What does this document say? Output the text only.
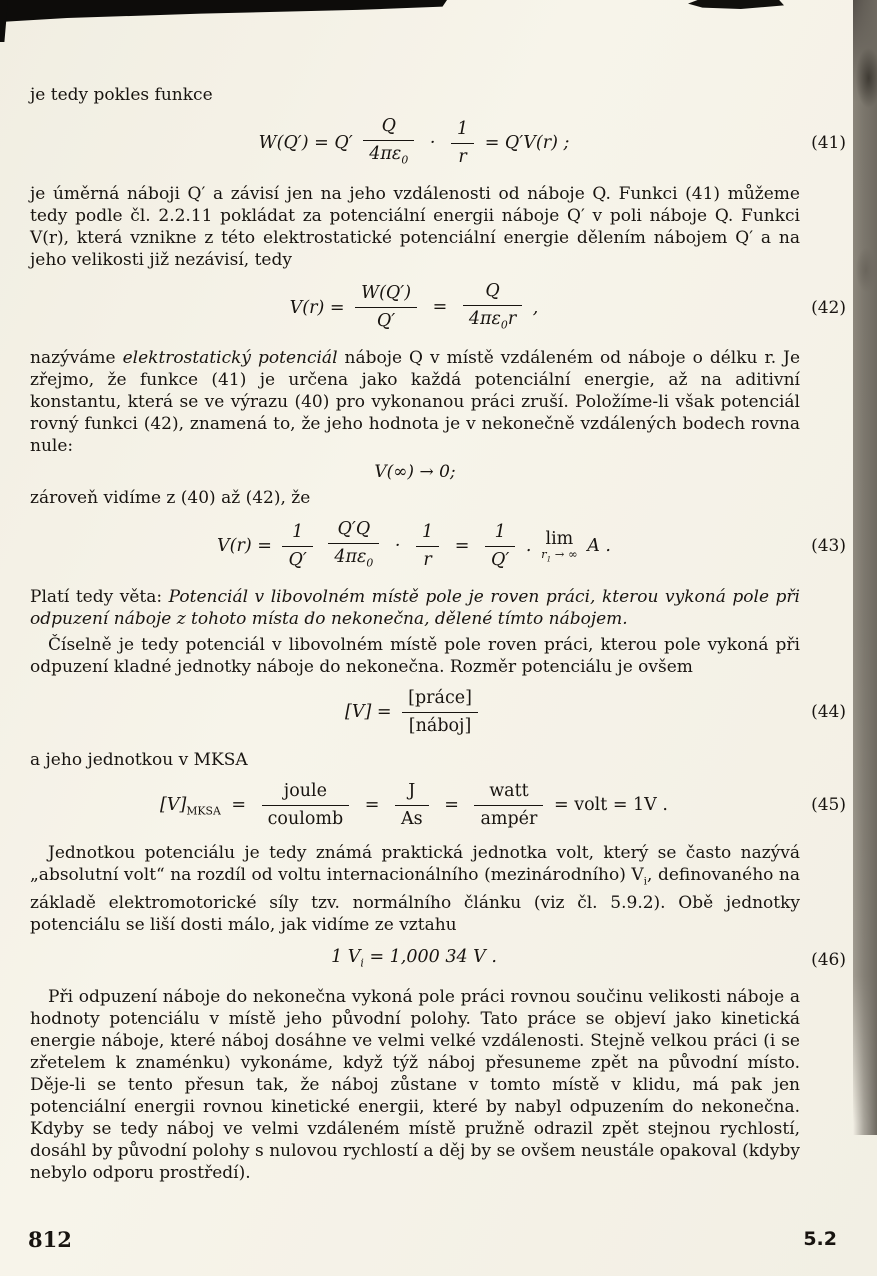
je tedy pokles funkce

$W(Q') = Q' \frac{Q}{4\pi\varepsilon_0} \cdot \frac{1}{r} = Q'V(r)$ ;	(41)

je úměrná náboji Q′ a závisí jen na jeho vzdálenosti od náboje Q. Funkci (41) můžeme tedy podle čl. 2.2.11 pokládat za potenciální energii náboje Q′ v poli náboje Q. Funkci V(r), která vznikne z této elektrostatické potenciální energie dělením nábojem Q′ a na jeho velikosti již nezávisí, tedy

$V(r) = \frac{W(Q')}{Q'} = \frac{Q}{4\pi\varepsilon_0r}$ ,	(42)

nazýváme elektrostatický potenciál náboje Q v místě vzdáleném od náboje o délku r. Je zřejmo, že funkce (41) je určena jako každá potenciální energie, až na aditivní konstantu, která se ve výrazu (40) pro vykonanou práci zruší. Položíme-li však potenciál rovný funkci (42), znamená to, že jeho hodnota je v nekonečně vzdálených bodech rovna nule:

V(∞) → 0;

zároveň vidíme z (40) až (42), že

$V(r) = \frac{1}{Q'}$
$\frac{Q'Q}{4\pi\varepsilon_0} \cdot \frac{1}{r} = \frac{1}{Q'}$ . lim
$r_1$ → ∞ A .	(43)

Platí tedy věta: Potenciál v libovolném místě pole je roven práci, kterou vykoná pole při odpuzení náboje z tohoto místa do nekonečna, dělené tímto nábojem.

Číselně je tedy potenciál v libovolném místě pole roven práci, kterou pole vykoná při odpuzení kladné jednotky náboje do nekonečna. Rozměr potenciálu je ovšem

$[V] = \frac{\text{[práce]}}{\text{[náboj]}}$	(44)

a jeho jednotkou v MKSA

$[V]_{MKSA} = \frac{\text{joule}}{\text{coulomb}} = \frac{J}{As} = \frac{\text{watt}}{\text{ampér}}$ = volt = 1V .	(45)

Jednotkou potenciálu je tedy známá praktická jednotka volt, který se často nazývá „absolutní volt“ na rozdíl od voltu internacionálního (mezinárodního) $V_i$, definovaného na základě elektromotorické síly tzv. normálního článku (viz čl. 5.9.2). Obě jednotky potenciálu se liší dosti málo, jak vidíme ze vztahu

1 $V_i = 1,000$ 34 V .	(46)

Při odpuzení náboje do nekonečna vykoná pole práci rovnou součinu velikosti náboje a hodnoty potenciálu v místě jeho původní polohy. Tato práce se objeví jako kinetická energie náboje, které náboj dosáhne ve velmi velké vzdálenosti. Stejně velkou práci (i se zřetelem k znaménku) vykonáme, když týž náboj přesuneme zpět na původní místo. Děje-li se tento přesun tak, že náboj zůstane v tomto místě v klidu, má pak jen potenciální energii rovnou kinetické energii, které by nabyl odpuzením do nekonečna. Kdyby se tedy náboj ve velmi vzdáleném místě pružně odrazil zpět stejnou rychlostí, dosáhl by původní polohy s nulovou rychlostí a děj by se ovšem neustále opakoval (kdyby nebylo odporu prostředí).

812	5.2
